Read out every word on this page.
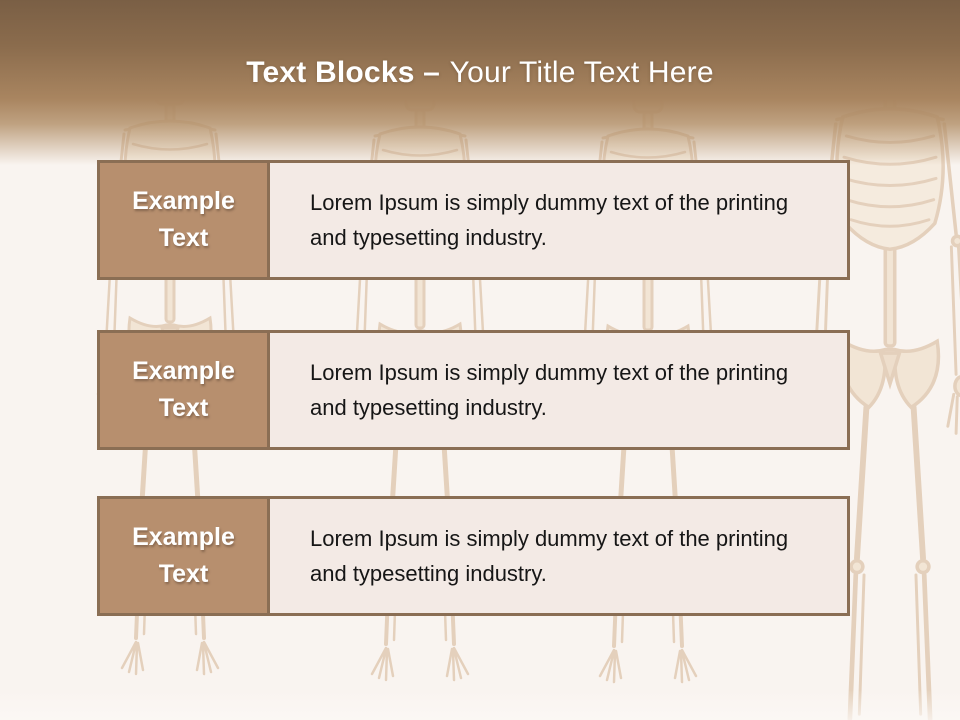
Text Blocks – Your Title Text Here
Example Text

Lorem Ipsum is simply dummy text of the printing and typesetting industry.

Example Text

Lorem Ipsum is simply dummy text of the printing and typesetting industry.

Example Text

Lorem Ipsum is simply dummy text of the printing and typesetting industry.
